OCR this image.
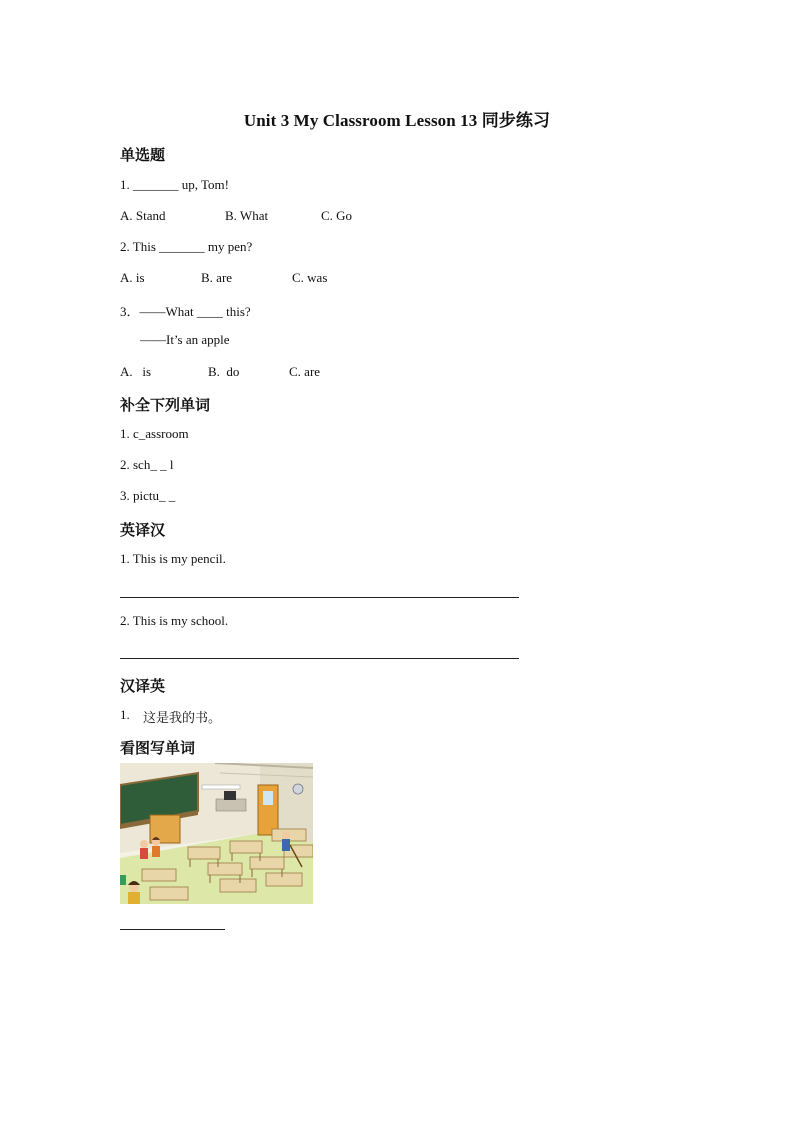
Unit 3 My Classroom Lesson 13 同步练习
单选题
1. _______ up, Tom!
A. Stand	B. What	C. Go
2. This _______ my pen?
A. is	B. are	C. was
3．——What ____ this?
——It’s an apple
A.   is	B.  do	C. are
补全下列单词
1. c_assroom
2. sch_ _ l
3. pictu_ _
英译汉
1. This is my pencil.
2. This is my school.
汉译英
1. 这是我的书。
看图写单词
